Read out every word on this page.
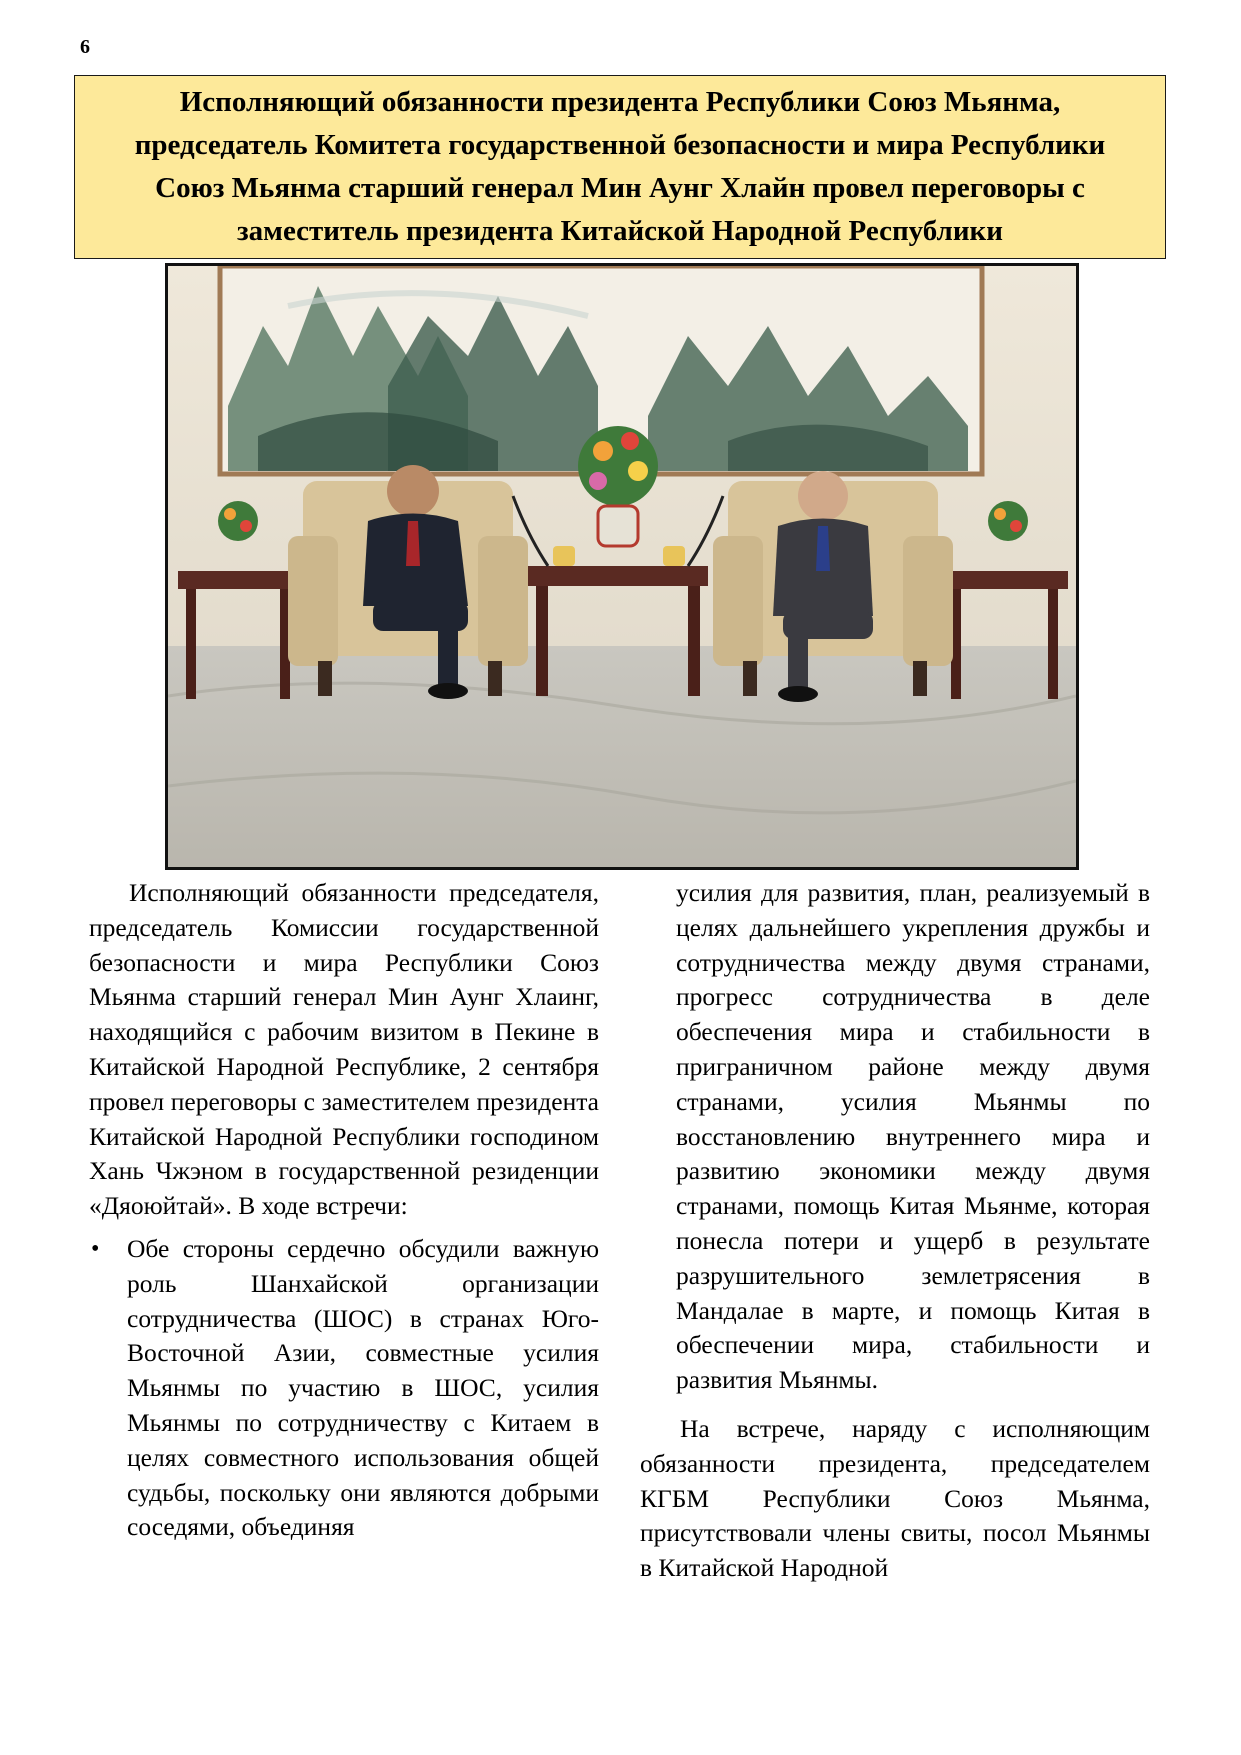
6
Исполняющий обязанности президента Республики Союз Мьянма, председатель Комитета государственной безопасности и мира Республики Союз Мьянма старший генерал Мин Аунг Хлайн провел переговоры с заместитель президента Китайской Народной Республики

Исполняющий обязанности председателя, председатель Комиссии государственной безопасности и мира Республики Союз Мьянма старший генерал Мин Аунг Хлаинг, находящийся с рабочим визитом в Пекине в Китайской Народной Республике, 2 сентября провел переговоры с заместителем президента Китайской Народной Республики господином Хань Чжэном в государственной резиденции «Дяоюйтай». В ходе встречи:

• Обе стороны сердечно обсудили важную роль Шанхайской организации сотрудничества (ШОС) в странах Юго-Восточной Азии, совместные усилия Мьянмы по участию в ШОС, усилия Мьянмы по сотрудничеству с Китаем в целях совместного использования общей судьбы, поскольку они являются добрыми соседями, объединяя

усилия для развития, план, реализуемый в целях дальнейшего укрепления дружбы и сотрудничества между двумя странами, прогресс сотрудничества в деле обеспечения мира и стабильности в приграничном районе между двумя странами, усилия Мьянмы по восстановлению внутреннего мира и развитию экономики между двумя странами, помощь Китая Мьянме, которая понесла потери и ущерб в результате разрушительного землетрясения в Мандалае в марте, и помощь Китая в обеспечении мира, стабильности и развития Мьянмы.

На встрече, наряду с исполняющим обязанности президента, председателем КГБМ Республики Союз Мьянма, присутствовали члены свиты, посол Мьянмы в Китайской Народной
